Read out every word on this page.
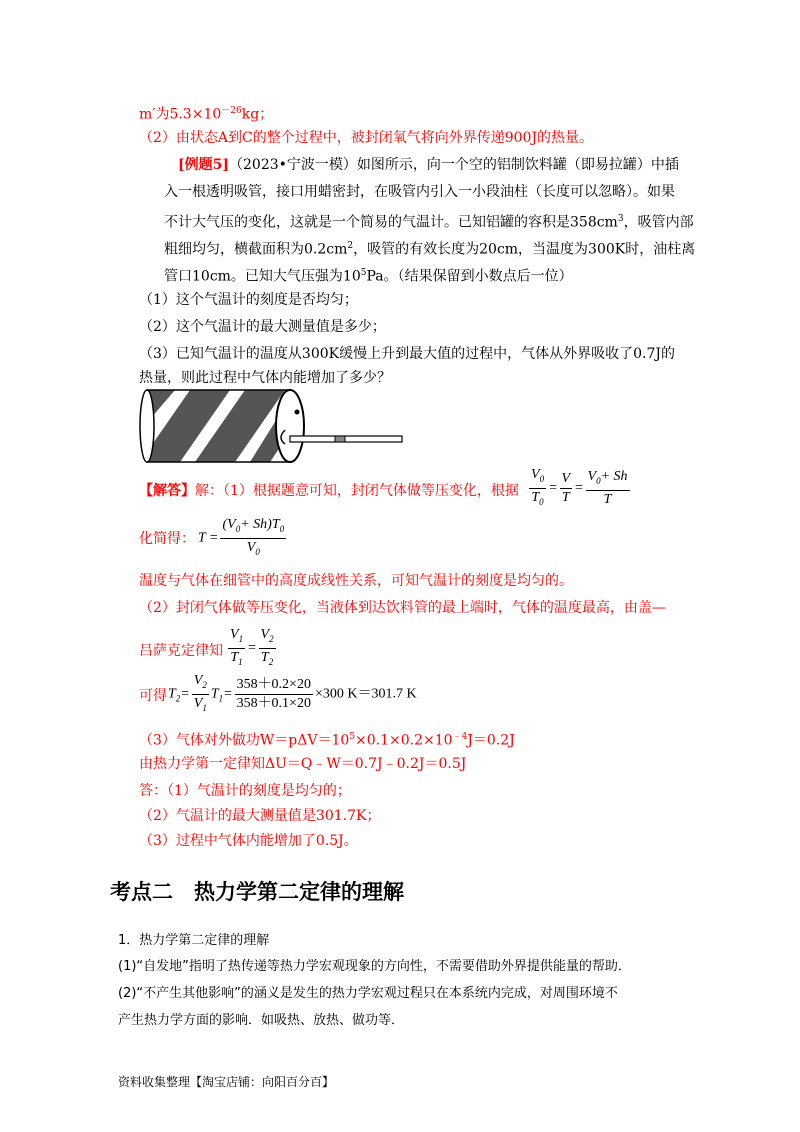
m′为$5.3\times 10^{-26}kg$；
（2）由状态A到C的整个过程中，被封闭氧气将向外界传递900J的热量。
[例题5]（2023•宁波一模）如图所示，向一个空的铝制饮料罐（即易拉罐）中插
入一根透明吸管，接口用蜡密封，在吸管内引入一小段油柱（长度可以忽略）。如果
不计大气压的变化，这就是一个简易的气温计。已知铝罐的容积是$358cm^3$，吸管内部
粗细均匀，横截面积为$0.2cm^2$，吸管的有效长度为20cm，当温度为300K时，油柱离
管口10cm。已知大气压强为$10^5Pa$。（结果保留到小数点后一位）
（1）这个气温计的刻度是否均匀；
（2）这个气温计的最大测量值是多少；
（3）已知气温计的温度从300K缓慢上升到最大值的过程中，气体从外界吸收了0.7J的
热量，则此过程中气体内能增加了多少？
【解答】解：（1）根据题意可知，封闭气体做等压变化，根据 $\frac{V_0}{T_0} = \frac{V}{T} = \frac{V_0+ Sh}{T}$
化简得： $T = \frac{(V_0+ Sh)T_0}{V_0}$
温度与气体在细管中的高度成线性关系，可知气温计的刻度是均匀的。
（2）封闭气体做等压变化，当液体到达饮料管的最上端时，气体的温度最高，由盖—
吕萨克定律知 $\frac{V_1}{T_1} = \frac{V_2}{T_2}$
可得 $T_2= \frac{V_2}{V_1} T_1= \frac{358+0.2\times 20}{358+0.1\times 20} \times 300$ K＝301.7 K
（3）气体对外做功$W=p\Delta V=10^5\times 0.1\times 0.2\times 10^{﹣4}J=0.2J$
由热力学第一定律知ΔU＝Q﹣W＝0.7J﹣0.2J＝0.5J
答：（1）气温计的刻度是均匀的；
（2）气温计的最大测量值是301.7K；
（3）过程中气体内能增加了0.5J。
考点二　热力学第二定律的理解
1．热力学第二定律的理解
(1)“自发地”指明了热传递等热力学宏观现象的方向性，不需要借助外界提供能量的帮助．
(2)“不产生其他影响”的涵义是发生的热力学宏观过程只在本系统内完成，对周围环境不
产生热力学方面的影响．如吸热、放热、做功等．
资料收集整理【淘宝店铺：向阳百分百】
